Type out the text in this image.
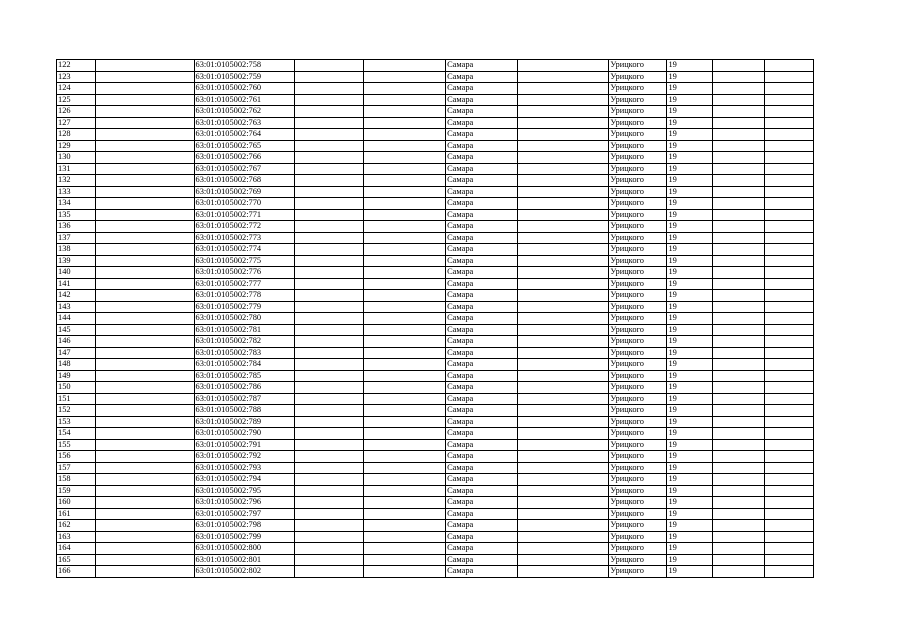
122		63:01:0105002:758			Самара		Урицкого	19		
123		63:01:0105002:759			Самара		Урицкого	19		
124		63:01:0105002:760			Самара		Урицкого	19		
125		63:01:0105002:761			Самара		Урицкого	19		
126		63:01:0105002:762			Самара		Урицкого	19		
127		63:01:0105002:763			Самара		Урицкого	19		
128		63:01:0105002:764			Самара		Урицкого	19		
129		63:01:0105002:765			Самара		Урицкого	19		
130		63:01:0105002:766			Самара		Урицкого	19		
131		63:01:0105002:767			Самара		Урицкого	19		
132		63:01:0105002:768			Самара		Урицкого	19		
133		63:01:0105002:769			Самара		Урицкого	19		
134		63:01:0105002:770			Самара		Урицкого	19		
135		63:01:0105002:771			Самара		Урицкого	19		
136		63:01:0105002:772			Самара		Урицкого	19		
137		63:01:0105002:773			Самара		Урицкого	19		
138		63:01:0105002:774			Самара		Урицкого	19		
139		63:01:0105002:775			Самара		Урицкого	19		
140		63:01:0105002:776			Самара		Урицкого	19		
141		63:01:0105002:777			Самара		Урицкого	19		
142		63:01:0105002:778			Самара		Урицкого	19		
143		63:01:0105002:779			Самара		Урицкого	19		
144		63:01:0105002:780			Самара		Урицкого	19		
145		63:01:0105002:781			Самара		Урицкого	19		
146		63:01:0105002:782			Самара		Урицкого	19		
147		63:01:0105002:783			Самара		Урицкого	19		
148		63:01:0105002:784			Самара		Урицкого	19		
149		63:01:0105002:785			Самара		Урицкого	19		
150		63:01:0105002:786			Самара		Урицкого	19		
151		63:01:0105002:787			Самара		Урицкого	19		
152		63:01:0105002:788			Самара		Урицкого	19		
153		63:01:0105002:789			Самара		Урицкого	19		
154		63:01:0105002:790			Самара		Урицкого	19		
155		63:01:0105002:791			Самара		Урицкого	19		
156		63:01:0105002:792			Самара		Урицкого	19		
157		63:01:0105002:793			Самара		Урицкого	19		
158		63:01:0105002:794			Самара		Урицкого	19		
159		63:01:0105002:795			Самара		Урицкого	19		
160		63:01:0105002:796			Самара		Урицкого	19		
161		63:01:0105002:797			Самара		Урицкого	19		
162		63:01:0105002:798			Самара		Урицкого	19		
163		63:01:0105002:799			Самара		Урицкого	19		
164		63:01:0105002:800			Самара		Урицкого	19		
165		63:01:0105002:801			Самара		Урицкого	19		
166		63:01:0105002:802			Самара		Урицкого	19		
